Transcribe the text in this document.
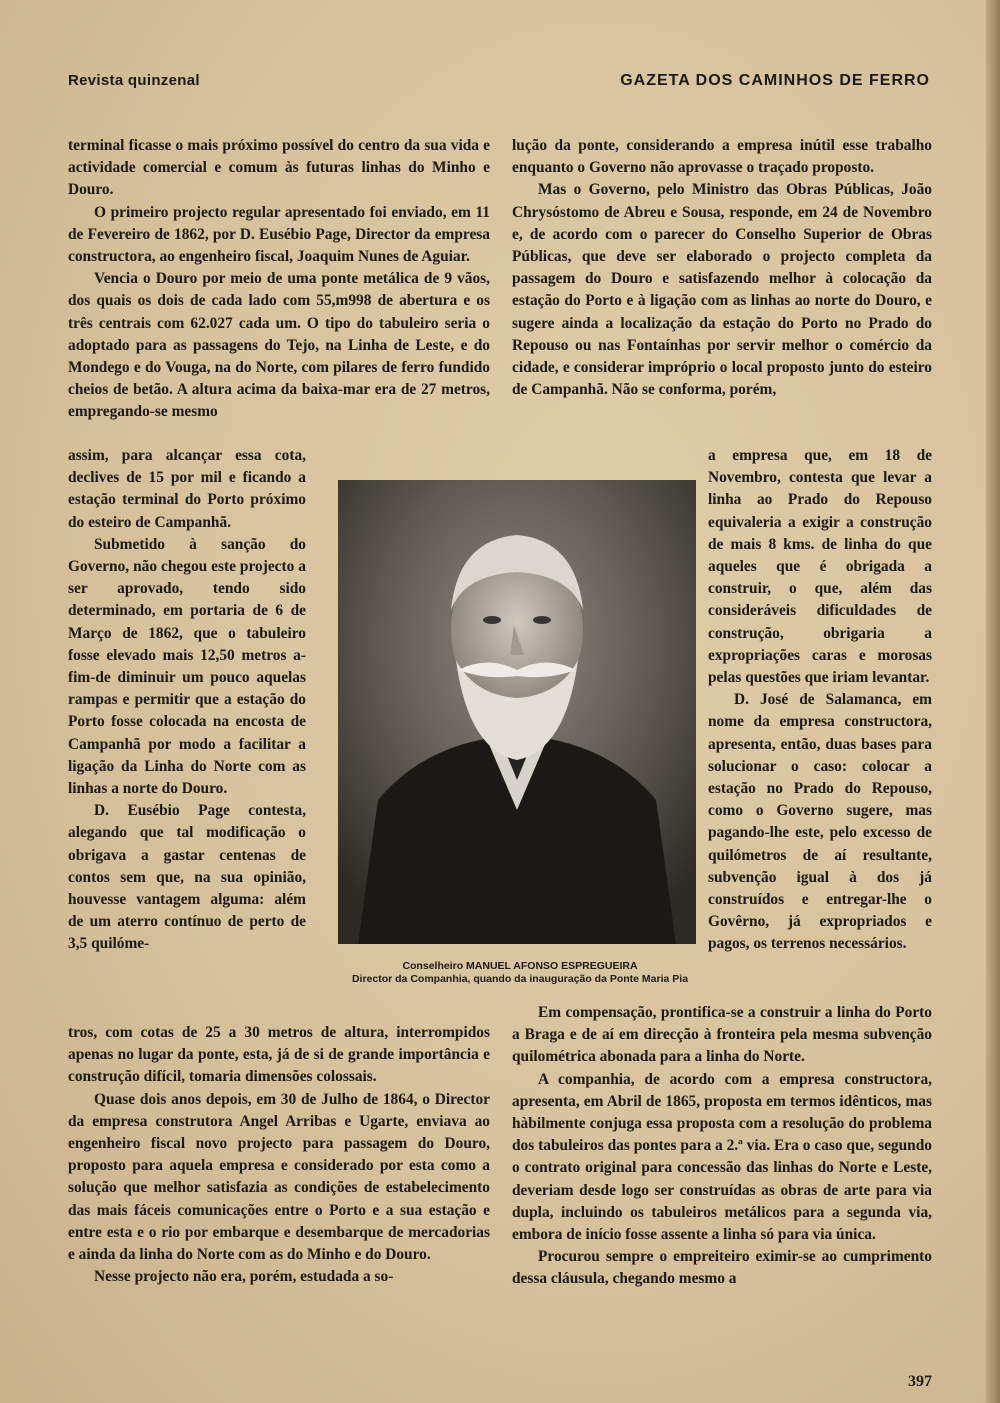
Revista quinzenal	GAZETA DOS CAMINHOS DE FERRO

terminal ficasse o mais próximo possível do centro da sua vida e actividade comercial e comum às futuras linhas do Minho e Douro.

O primeiro projecto regular apresentado foi enviado, em 11 de Fevereiro de 1862, por D. Eusébio Page, Director da empresa constructora, ao engenheiro fiscal, Joaquim Nunes de Aguiar.

Vencia o Douro por meio de uma ponte metálica de 9 vãos, dos quais os dois de cada lado com 55,m998 de abertura e os três centrais com 62.027 cada um. O tipo do tabuleiro seria o adoptado para as passagens do Tejo, na Linha de Leste, e do Mondego e do Vouga, na do Norte, com pilares de ferro fundido cheios de betão. A altura acima da baixa-mar era de 27 metros, empregando-se mesmo

assim, para alcançar essa cota, declives de 15 por mil e ficando a estação terminal do Porto próximo do esteiro de Campanhã.

Submetido à sanção do Governo, não chegou este projecto a ser aprovado, tendo sido determinado, em portaria de 6 de Março de 1862, que o tabuleiro fosse elevado mais 12,50 metros a-fim-de diminuir um pouco aquelas rampas e permitir que a estação do Porto fosse colocada na encosta de Campanhã por modo a facilitar a ligação da Linha do Norte com as linhas a norte do Douro.

D. Eusébio Page contesta, alegando que tal modificação o obrigava a gastar centenas de contos sem que, na sua opinião, houvesse vantagem alguma: além de um aterro contínuo de perto de 3,5 quilóme-

tros, com cotas de 25 a 30 metros de altura, interrompidos apenas no lugar da ponte, esta, já de si de grande importância e construção difícil, tomaria dimensões colossais.

Quase dois anos depois, em 30 de Julho de 1864, o Director da empresa construtora Angel Arribas e Ugarte, enviava ao engenheiro fiscal novo projecto para passagem do Douro, proposto para aquela empresa e considerado por esta como a solução que melhor satisfazia as condições de estabelecimento das mais fáceis comunicações entre o Porto e a sua estação e entre esta e o rio por embarque e desembarque de mercadorias e ainda da linha do Norte com as do Minho e do Douro.

Nesse projecto não era, porém, estudada a so-

lução da ponte, considerando a empresa inútil esse trabalho enquanto o Governo não aprovasse o traçado proposto.

Mas o Governo, pelo Ministro das Obras Públicas, João Chrysóstomo de Abreu e Sousa, responde, em 24 de Novembro e, de acordo com o parecer do Conselho Superior de Obras Públicas, que deve ser elaborado o projecto completa da passagem do Douro e satisfazendo melhor à colocação da estação do Porto e à ligação com as linhas ao norte do Douro, e sugere ainda a localização da estação do Porto no Prado do Repouso ou nas Fontaínhas por servir melhor o comércio da cidade, e considerar impróprio o local proposto junto do esteiro de Campanhã. Não se conforma, porém,

a empresa que, em 18 de Novembro, contesta que levar a linha ao Prado do Repouso equivaleria a exigir a construção de mais 8 kms. de linha do que aqueles que é obrigada a construir, o que, além das consideráveis dificuldades de construção, obrigaria a expropriações caras e morosas pelas questões que iriam levantar.

D. José de Salamanca, em nome da empresa constructora, apresenta, então, duas bases para solucionar o caso: colocar a estação no Prado do Repouso, como o Governo sugere, mas pagando-lhe este, pelo excesso de quilómetros de aí resultante, subvenção igual à dos já construídos e entregar-lhe o Govêrno, já expropriados e pagos, os terrenos necessários.

Em compensação, prontifica-se a construir a linha do Porto a Braga e de aí em direcção à fronteira pela mesma subvenção quilométrica abonada para a linha do Norte.

A companhia, de acordo com a empresa constructora, apresenta, em Abril de 1865, proposta em termos idênticos, mas hàbilmente conjuga essa proposta com a resolução do problema dos tabuleiros das pontes para a 2.ª via. Era o caso que, segundo o contrato original para concessão das linhas do Norte e Leste, deveriam desde logo ser construídas as obras de arte para via dupla, incluindo os tabuleiros metálicos para a segunda via, embora de início fosse assente a linha só para via única.

Procurou sempre o empreiteiro eximir-se ao cumprimento dessa cláusula, chegando mesmo a

Conselheiro MANUEL AFONSO ESPREGUEIRA
Director da Companhia, quando da inauguração da Ponte Maria Pia
397
